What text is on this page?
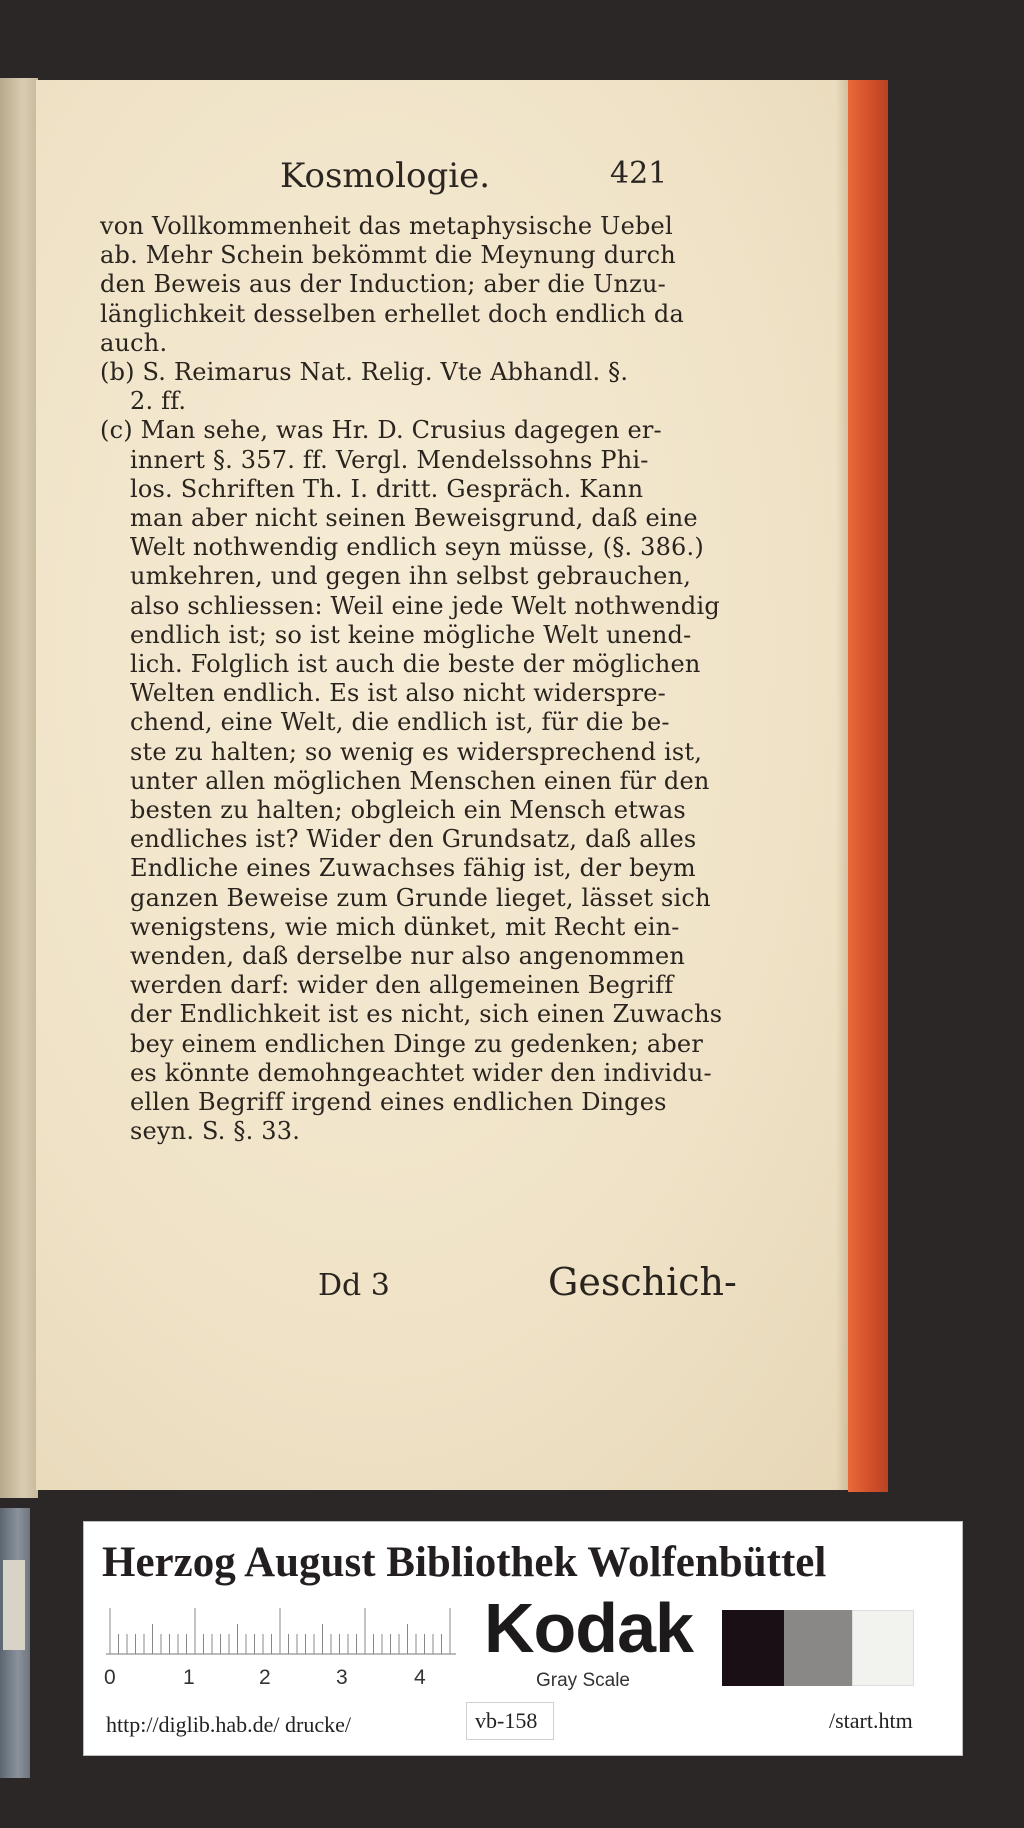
Kosmologie.	421
von Vollkommenheit das metaphysische Uebel
ab. Mehr Schein bekömmt die Meynung durch
den Beweis aus der Induction; aber die Unzu-
länglichkeit desselben erhellet doch endlich da
auch.
(b) S. Reimarus Nat. Relig. Vte Abhandl. §.
2. ff.
(c) Man sehe, was Hr. D. Crusius dagegen er-
innert §. 357. ff. Vergl. Mendelssohns Phi-
los. Schriften Th. I. dritt. Gespräch. Kann
man aber nicht seinen Beweisgrund, daß eine
Welt nothwendig endlich seyn müsse, (§. 386.)
umkehren, und gegen ihn selbst gebrauchen,
also schliessen: Weil eine jede Welt nothwendig
endlich ist; so ist keine mögliche Welt unend-
lich. Folglich ist auch die beste der möglichen
Welten endlich. Es ist also nicht widerspre-
chend, eine Welt, die endlich ist, für die be-
ste zu halten; so wenig es widersprechend ist,
unter allen möglichen Menschen einen für den
besten zu halten; obgleich ein Mensch etwas
endliches ist? Wider den Grundsatz, daß alles
Endliche eines Zuwachses fähig ist, der beym
ganzen Beweise zum Grunde lieget, lässet sich
wenigstens, wie mich dünket, mit Recht ein-
wenden, daß derselbe nur also angenommen
werden darf: wider den allgemeinen Begriff
der Endlichkeit ist es nicht, sich einen Zuwachs
bey einem endlichen Dinge zu gedenken; aber
es könnte demohngeachtet wider den individu-
ellen Begriff irgend eines endlichen Dinges
seyn. S. §. 33.
Dd 3	Geschich-
Herzog August Bibliothek Wolfenbüttel
0	1	2	3	4
Kodak
Gray Scale
http://diglib.hab.de/ drucke/	vb-158	/start.htm
